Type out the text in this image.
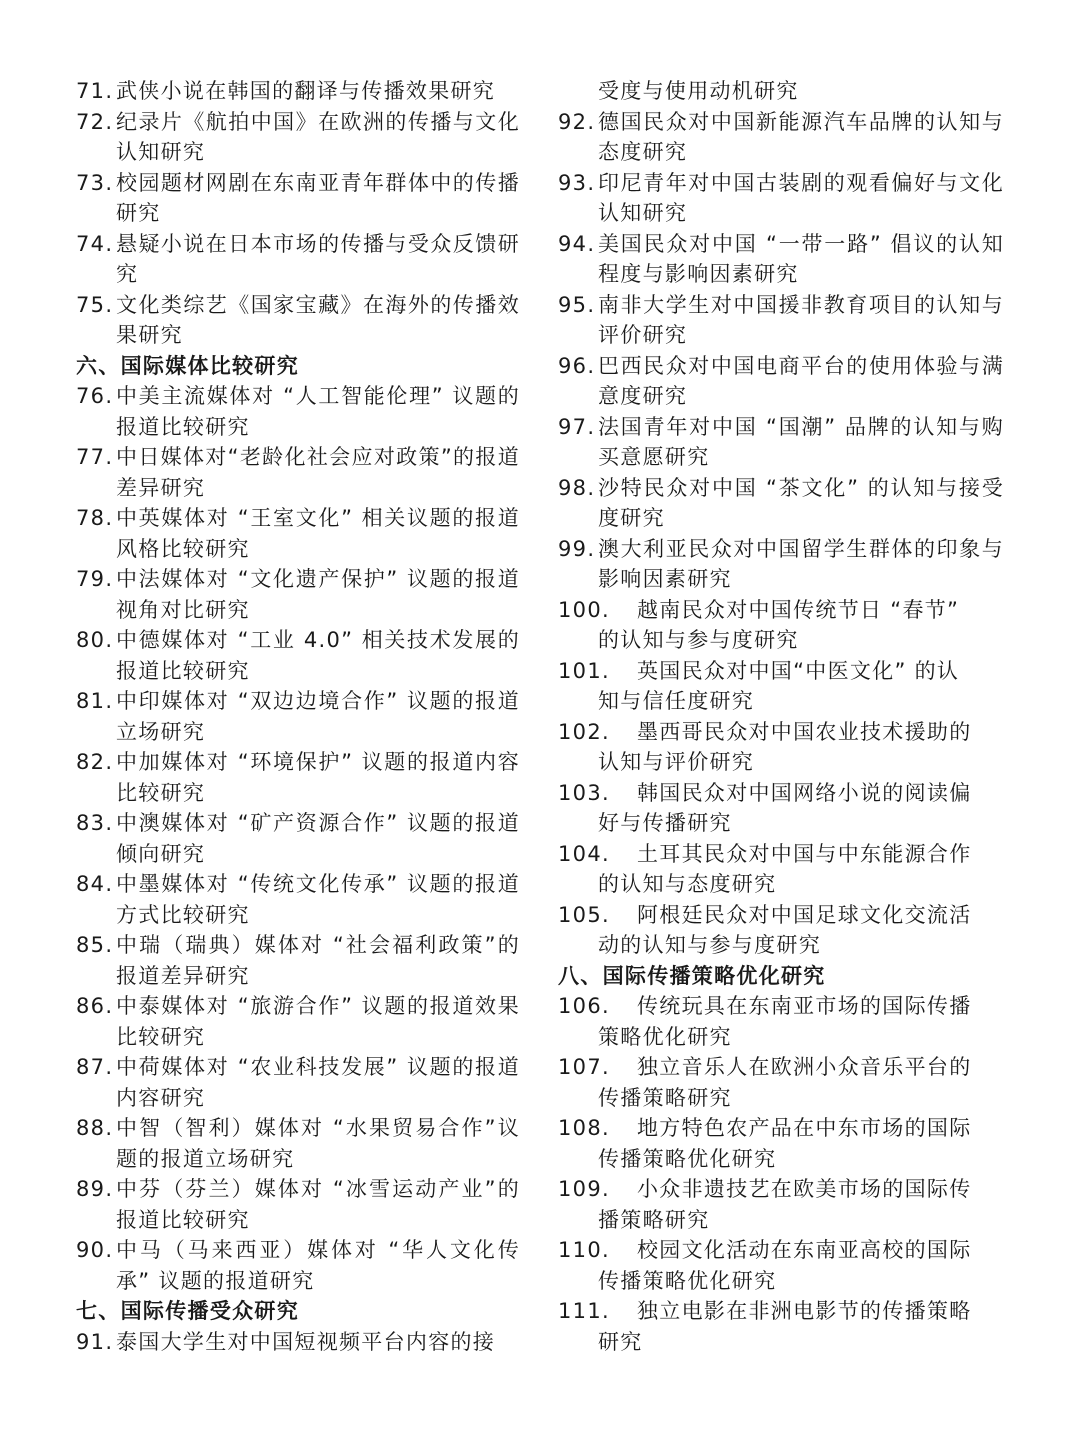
71. 武侠小说在韩国的翻译与传播效果研究
72. 纪录片《航拍中国》在欧洲的传播与文化认知研究
73. 校园题材网剧在东南亚青年群体中的传播研究
74. 悬疑小说在日本市场的传播与受众反馈研究
75. 文化类综艺《国家宝藏》在海外的传播效果研究
六、国际媒体比较研究
76. 中美主流媒体对 “人工智能伦理” 议题的报道比较研究
77. 中日媒体对“老龄化社会应对政策”的报道差异研究
78. 中英媒体对 “王室文化” 相关议题的报道风格比较研究
79. 中法媒体对 “文化遗产保护” 议题的报道视角对比研究
80. 中德媒体对 “工业 4.0” 相关技术发展的报道比较研究
81. 中印媒体对 “双边边境合作” 议题的报道立场研究
82. 中加媒体对 “环境保护” 议题的报道内容比较研究
83. 中澳媒体对 “矿产资源合作” 议题的报道倾向研究
84. 中墨媒体对 “传统文化传承” 议题的报道方式比较研究
85. 中瑞（瑞典）媒体对 “社会福利政策”的报道差异研究
86. 中泰媒体对 “旅游合作” 议题的报道效果比较研究
87. 中荷媒体对 “农业科技发展” 议题的报道内容研究
88. 中智（智利）媒体对 “水果贸易合作”议题的报道立场研究
89. 中芬（芬兰）媒体对 “冰雪运动产业”的报道比较研究
90. 中马（马来西亚）媒体对 “华人文化传承” 议题的报道研究
七、国际传播受众研究
91. 泰国大学生对中国短视频平台内容的接
受度与使用动机研究
92. 德国民众对中国新能源汽车品牌的认知与态度研究
93. 印尼青年对中国古装剧的观看偏好与文化认知研究
94. 美国民众对中国 “一带一路” 倡议的认知程度与影响因素研究
95. 南非大学生对中国援非教育项目的认知与评价研究
96. 巴西民众对中国电商平台的使用体验与满意度研究
97. 法国青年对中国 “国潮” 品牌的认知与购买意愿研究
98. 沙特民众对中国 “茶文化” 的认知与接受度研究
99. 澳大利亚民众对中国留学生群体的印象与影响因素研究
100.	越南民众对中国传统节日 “春节”
的认知与参与度研究
101.	英国民众对中国“中医文化” 的认
知与信任度研究
102.	墨西哥民众对中国农业技术援助的
认知与评价研究
103.	韩国民众对中国网络小说的阅读偏
好与传播研究
104.	土耳其民众对中国与中东能源合作
的认知与态度研究
105.	阿根廷民众对中国足球文化交流活
动的认知与参与度研究
八、国际传播策略优化研究
106.	传统玩具在东南亚市场的国际传播
策略优化研究
107.	独立音乐人在欧洲小众音乐平台的
传播策略研究
108.	地方特色农产品在中东市场的国际
传播策略优化研究
109.	小众非遗技艺在欧美市场的国际传
播策略研究
110.	校园文化活动在东南亚高校的国际
传播策略优化研究
111.	独立电影在非洲电影节的传播策略
研究
